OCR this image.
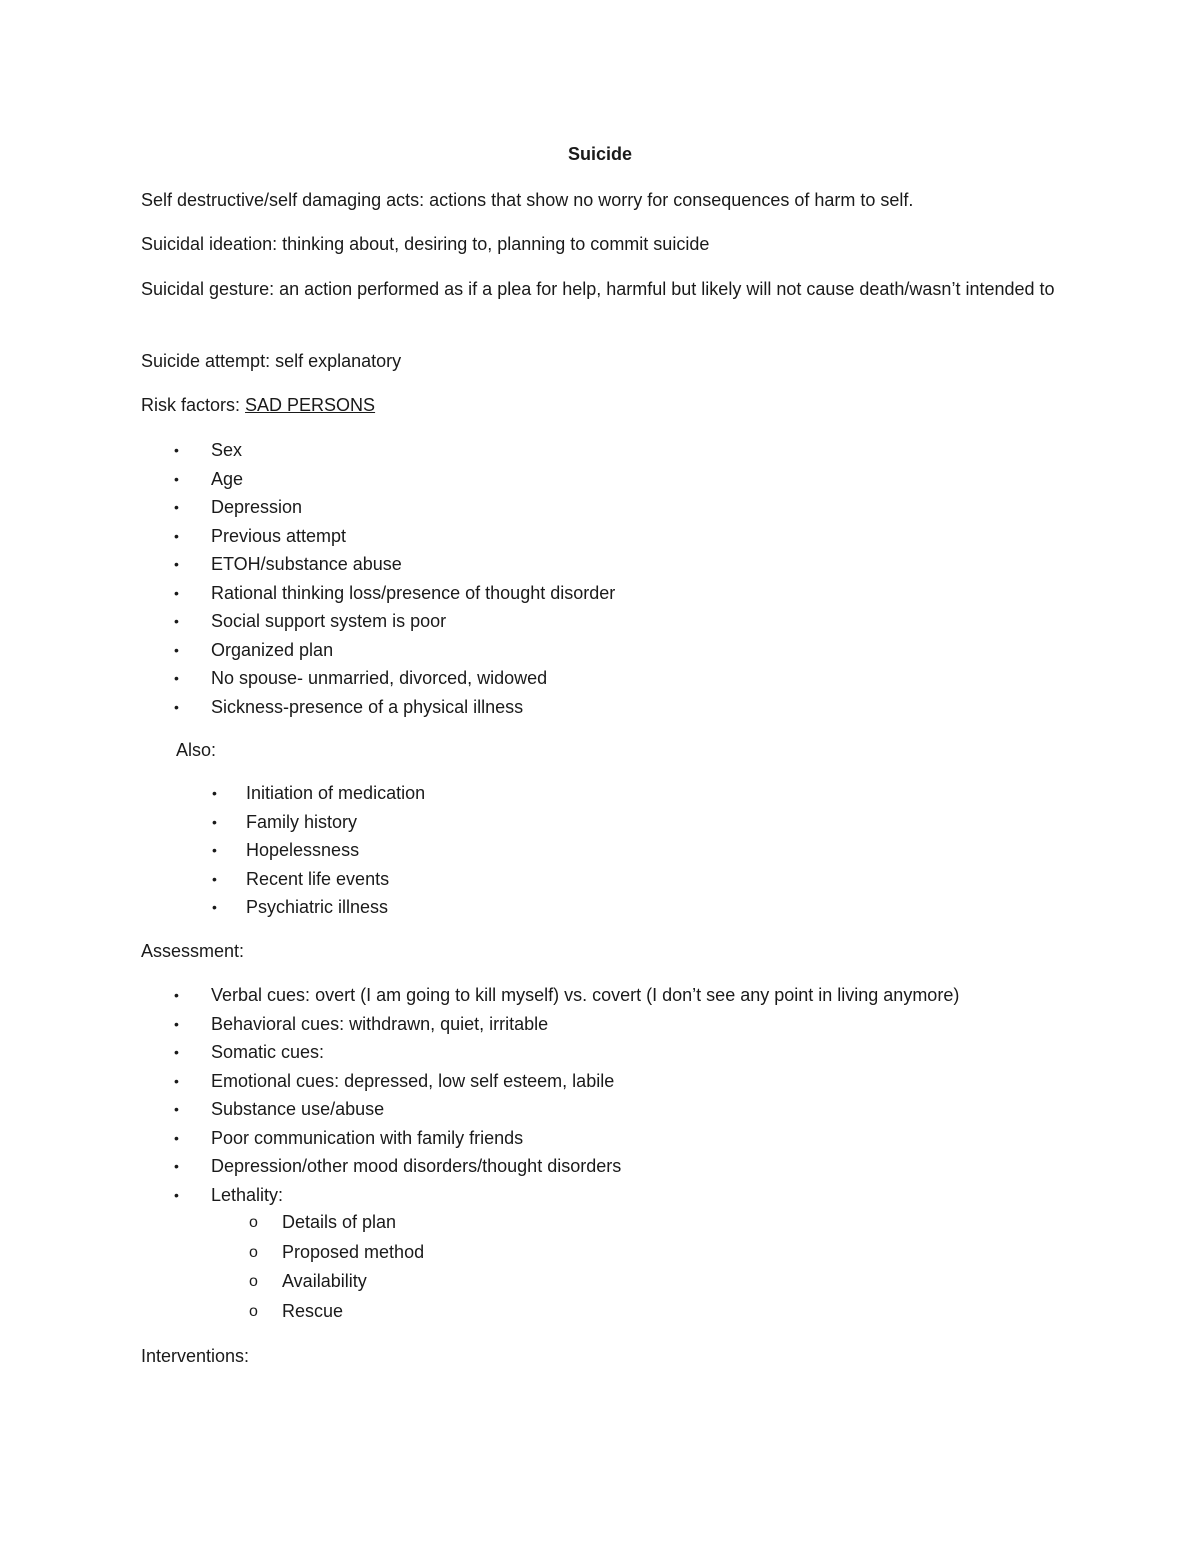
Suicide
Self destructive/self damaging acts: actions that show no worry for consequences of harm to self.
Suicidal ideation: thinking about, desiring to, planning to commit suicide
Suicidal gesture: an action performed as if a plea for help, harmful but likely will not cause death/wasn’t intended to
Suicide attempt: self explanatory
Risk factors: SAD PERSONS
• Sex
• Age
• Depression
• Previous attempt
• ETOH/substance abuse
• Rational thinking loss/presence of thought disorder
• Social support system is poor
• Organized plan
• No spouse- unmarried, divorced, widowed
• Sickness-presence of a physical illness
Also:
• Initiation of medication
• Family history
• Hopelessness
• Recent life events
• Psychiatric illness
Assessment:
• Verbal cues: overt (I am going to kill myself) vs. covert (I don’t see any point in living anymore)
• Behavioral cues: withdrawn, quiet, irritable
• Somatic cues:
• Emotional cues: depressed, low self esteem, labile
• Substance use/abuse
• Poor communication with family friends
• Depression/other mood disorders/thought disorders
• Lethality:
o Details of plan
o Proposed method
o Availability
o Rescue
Interventions:
